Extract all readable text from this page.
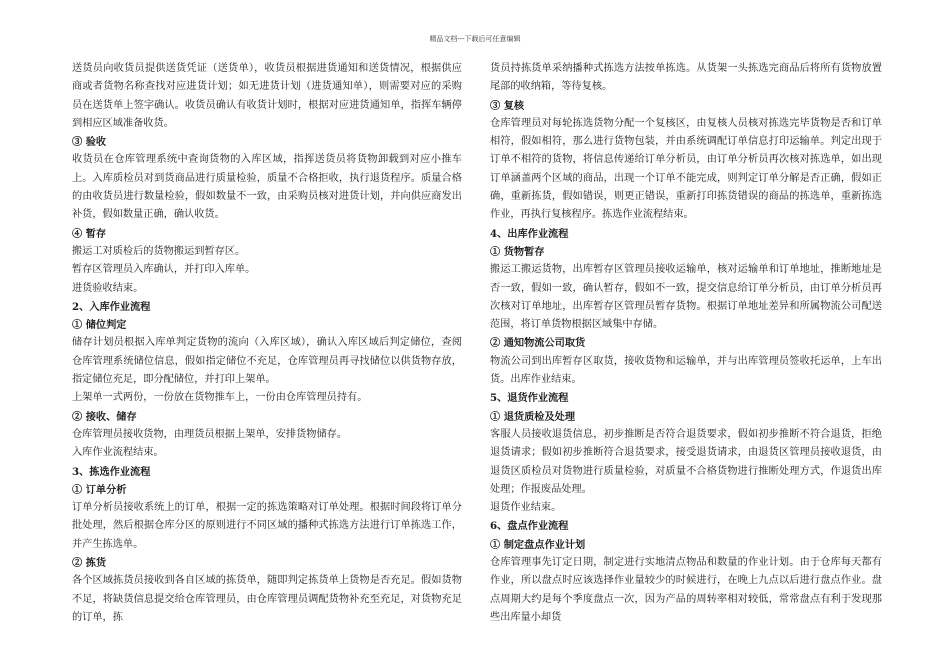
精品文档---下载后可任意编辑

送货员向收货员提供送货凭证（送货单），收货员根据进货通知和送货情况，根据供应商或者货物名称查找对应进货计划；如无进货计划（进货通知单），则需要对应的采购员在送货单上签字确认。收货员确认有收货计划时，根据对应进货通知单，指挥车辆停到相应区域准备收货。

③ 验收

收货员在仓库管理系统中查询货物的入库区域，指挥送货员将货物卸载到对应小推车上。入库质检员对到货商品进行质量检验，质量不合格拒收，执行退货程序。质量合格的由收货员进行数量检验，假如数量不一致，由采购员核对进货计划，并向供应商发出补货，假如数量正确，确认收货。

④ 暂存

搬运工对质检后的货物搬运到暂存区。

暂存区管理员入库确认，并打印入库单。

进货验收结束。

2、入库作业流程

① 储位判定

储存计划员根据入库单判定货物的流向（入库区域），确认入库区域后判定储位，查阅仓库管理系统储位信息，假如指定储位不充足，仓库管理员再寻找储位以供货物存放，指定储位充足，即分配储位，并打印上架单。

上架单一式两份，一份放在货物推车上，一份由仓库管理员持有。

② 接收、储存

仓库管理员接收货物，由理货员根据上架单，安排货物储存。

入库作业流程结束。

3、拣选作业流程

① 订单分析

订单分析员接收系统上的订单，根据一定的拣选策略对订单处理。根据时间段将订单分批处理，然后根据仓库分区的原则进行不同区域的播种式拣选方法进行订单拣选工作，并产生拣选单。

② 拣货

各个区域拣货员接收到各自区域的拣货单，随即判定拣货单上货物是否充足。假如货物不足，将缺货信息提交给仓库管理员，由仓库管理员调配货物补充至充足，对货物充足的订单，拣

货员持拣货单采纳播种式拣选方法按单拣选。从货架一头拣选完商品后将所有货物放置尾部的收纳箱，等待复核。

③ 复核

仓库管理员对每轮拣选货物分配一个复核区，由复核人员核对拣选完毕货物是否和订单相符，假如相符，那么进行货物包装，并由系统调配订单信息打印运输单。判定出现于订单不相符的货物，将信息传递给订单分析员，由订单分析员再次核对拣选单，如出现订单涵盖两个区域的商品，出现一个订单不能完成，则判定订单分解是否正确，假如正确，重新拣货，假如错误，则更正错误，重新打印拣货错误的商品的拣选单，重新拣选作业，再执行复核程序。拣选作业流程结束。

4、出库作业流程

① 货物暂存

搬运工搬运货物，出库暂存区管理员接收运输单，核对运输单和订单地址，推断地址是否一致，假如一致，确认暂存，假如不一致，提交信息给订单分析员，由订单分析员再次核对订单地址，出库暂存区管理员暂存货物。根据订单地址差异和所属物流公司配送范围，将订单货物根据区域集中存储。

② 通知物流公司取货

物流公司到出库暂存区取货，接收货物和运输单，并与出库管理员签收托运单，上车出货。出库作业结束。

5、退货作业流程

① 退货质检及处理

客服人员接收退货信息，初步推断是否符合退货要求，假如初步推断不符合退货，拒绝退货请求；假如初步推断符合退货要求，接受退货请求，由退货区管理员接收退货，由退货区质检员对货物进行质量检验，对质量不合格货物进行推断处理方式，作退货出库处理；作报废品处理。

退货作业结束。

6、盘点作业流程

① 制定盘点作业计划

仓库管理事先订定日期，制定进行实地清点物品和数量的作业计划。由于仓库每天都有作业，所以盘点时应该选择作业量较少的时候进行，在晚上九点以后进行盘点作业。盘点周期大约是每个季度盘点一次，因为产品的周转率相对较低，常常盘点有利于发现那些出库量小却货
